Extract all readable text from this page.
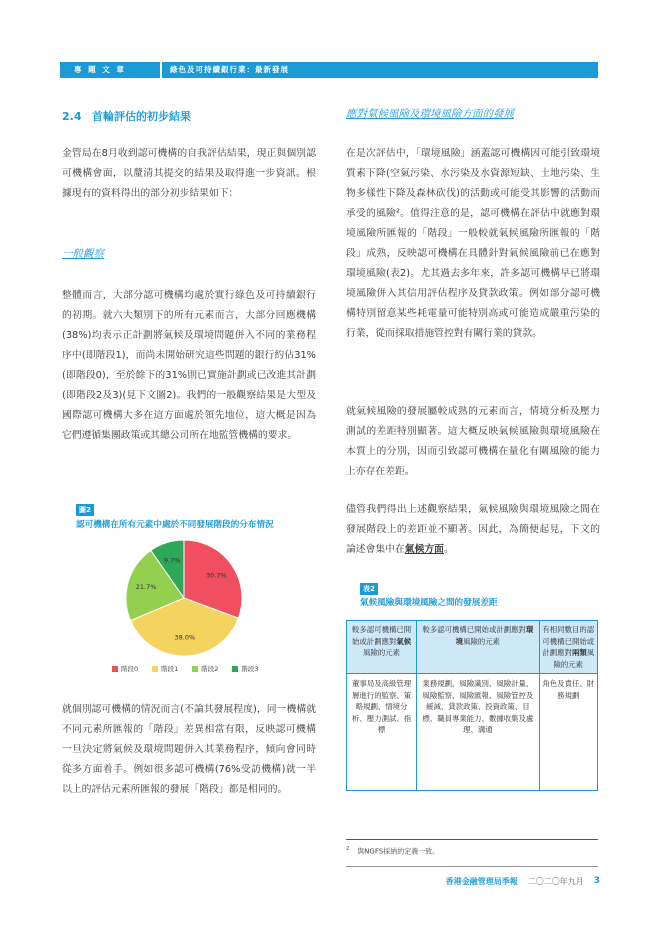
專 題 文 章	綠色及可持續銀行業：最新發展
2.4 首輪評估的初步結果
金管局在8月收到認可機構的自我評估結果，現正與個別認可機構會面，以釐清其提交的結果及取得進一步資訊。根據現有的資料得出的部分初步結果如下：
一般觀察
整體而言，大部分認可機構均處於實行綠色及可持續銀行的初期。就六大類別下的所有元素而言，大部分回應機構(38%)均表示正計劃將氣候及環境問題併入不同的業務程序中(即階段1)，而尚未開始研究這些問題的銀行約佔31%(即階段0)，至於餘下的31%則已實施計劃或已改進其計劃(即階段2及3)(見下文圖2)。我們的一般觀察結果是大型及國際認可機構大多在這方面處於領先地位，這大概是因為它們遵循集團政策或其總公司所在地監管機構的要求。
圖2
認可機構在所有元素中處於不同發展階段的分布情況
30.7%
38.0%
21.7%
9.7%
階段0	階段1	階段2	階段3
就個別認可機構的情況而言(不論其發展程度)，同一機構就不同元素所匯報的「階段」差異相當有限，反映認可機構一旦決定將氣候及環境問題併入其業務程序，傾向會同時從多方面着手。例如很多認可機構(76%受訪機構)就一半以上的評估元素所匯報的發展「階段」都是相同的。
應對氣候風險及環境風險方面的發展
在是次評估中，「環境風險」涵蓋認可機構因可能引致環境質素下降(空氣污染、水污染及水資源短缺、土地污染、生物多樣性下降及森林砍伐)的活動或可能受其影響的活動而承受的風險²。值得注意的是，認可機構在評估中就應對環境風險所匯報的「階段」一般較就氣候風險所匯報的「階段」成熟，反映認可機構在具體針對氣候風險前已在應對環境風險(表2)。尤其過去多年來，許多認可機構早已將環境風險併入其信用評估程序及貸款政策。例如部分認可機構特別留意某些耗電量可能特別高或可能造成嚴重污染的行業，從而採取措施管控對有關行業的貸款。
就氣候風險的發展屬較成熟的元素而言，情境分析及壓力測試的差距特別顯著。這大概反映氣候風險與環境風險在本質上的分別，因而引致認可機構在量化有關風險的能力上亦存在差距。
儘管我們得出上述觀察結果，氣候風險與環境風險之間在發展階段上的差距並不顯著。因此，為簡便起見，下文的論述會集中在氣候方面。
表2
氣候風險與環境風險之間的發展差距
較多認可機構已開始或計劃應對氣候風險的元素	較多認可機構已開始或計劃應對環境風險的元素	有相同數目的認可機構已開始或計劃應對兩類風險的元素
董事局及高級管理層進行的監察、策略規劃、情境分析、壓力測試、指標	業務規劃、風險識別、風險計量、風險監察、風險匯報、風險管控及緩減、貸款政策、投資政策、目標、職員專業能力、數據收集及處理、溝通	角色及責任、財務規劃
$^2$ 與NGFS採納的定義一致。
香港金融管理局季報 二〇二〇年九月 3
